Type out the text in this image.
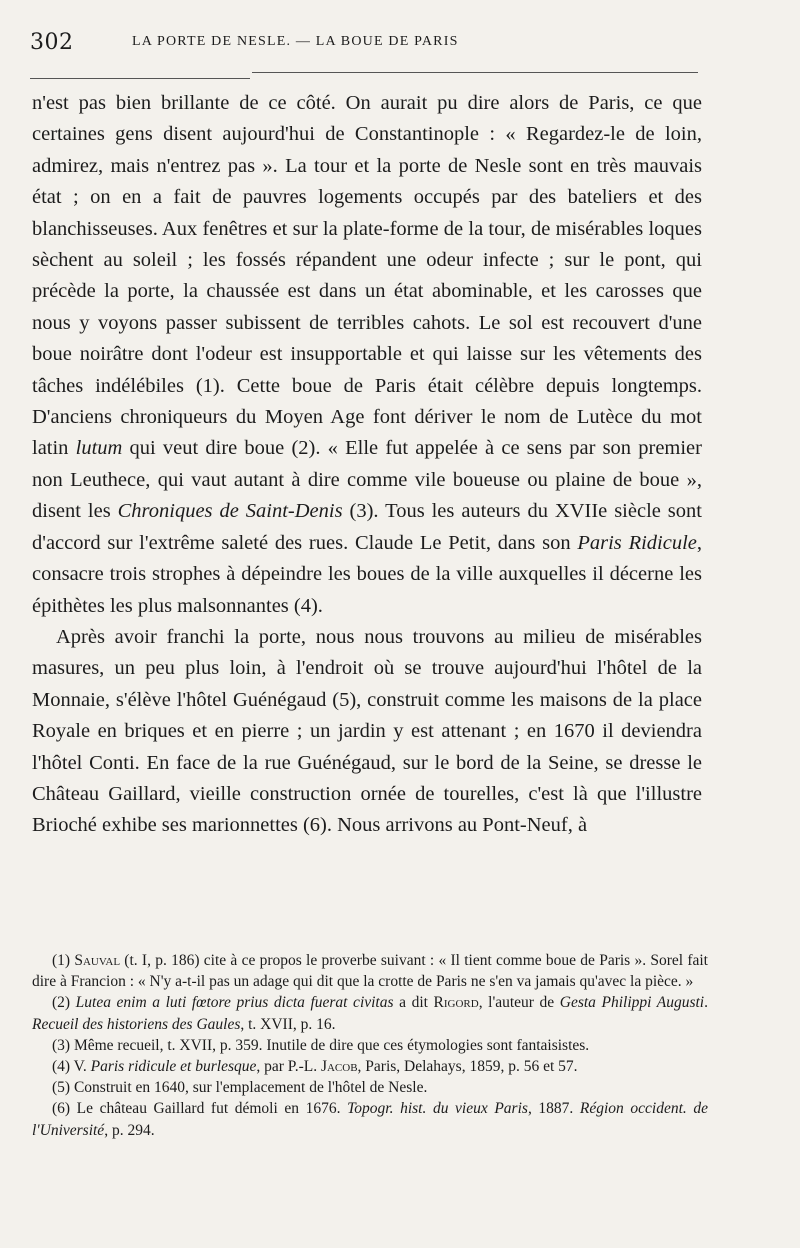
302	LA PORTE DE NESLE. — LA BOUE DE PARIS

n'est pas bien brillante de ce côté. On aurait pu dire alors de Paris, ce que certaines gens disent aujourd'hui de Constantinople : « Regardez-le de loin, admirez, mais n'entrez pas ». La tour et la porte de Nesle sont en très mauvais état ; on en a fait de pauvres logements occupés par des bateliers et des blanchisseuses. Aux fenêtres et sur la plate-forme de la tour, de misérables loques sèchent au soleil ; les fossés répandent une odeur infecte ; sur le pont, qui précède la porte, la chaussée est dans un état abominable, et les carosses que nous y voyons passer subissent de terribles cahots. Le sol est recouvert d'une boue noirâtre dont l'odeur est insupportable et qui laisse sur les vêtements des tâches indélébiles (1). Cette boue de Paris était célèbre depuis longtemps. D'anciens chroniqueurs du Moyen Age font dériver le nom de Lutèce du mot latin lutum qui veut dire boue (2). « Elle fut appelée à ce sens par son premier non Leuthece, qui vaut autant à dire comme vile boueuse ou plaine de boue », disent les Chroniques de Saint-Denis (3). Tous les auteurs du XVIIe siècle sont d'accord sur l'extrême saleté des rues. Claude Le Petit, dans son Paris Ridicule, consacre trois strophes à dépeindre les boues de la ville auxquelles il décerne les épithètes les plus malsonnantes (4).

Après avoir franchi la porte, nous nous trouvons au milieu de misérables masures, un peu plus loin, à l'endroit où se trouve aujourd'hui l'hôtel de la Monnaie, s'élève l'hôtel Guénégaud (5), construit comme les maisons de la place Royale en briques et en pierre ; un jardin y est attenant ; en 1670 il deviendra l'hôtel Conti. En face de la rue Guénégaud, sur le bord de la Seine, se dresse le Château Gaillard, vieille construction ornée de tourelles, c'est là que l'illustre Brioché exhibe ses marionnettes (6). Nous arrivons au Pont-Neuf, à

(1) Sauval (t. I, p. 186) cite à ce propos le proverbe suivant : « Il tient comme boue de Paris ». Sorel fait dire à Francion : « N'y a-t-il pas un adage qui dit que la crotte de Paris ne s'en va jamais qu'avec la pièce. »

(2) Lutea enim a luti fœtore prius dicta fuerat civitas a dit Rigord, l'auteur de Gesta Philippi Augusti. Recueil des historiens des Gaules, t. XVII, p. 16.

(3) Même recueil, t. XVII, p. 359. Inutile de dire que ces étymologies sont fantaisistes.

(4) V. Paris ridicule et burlesque, par P.-L. Jacob, Paris, Delahays, 1859, p. 56 et 57.

(5) Construit en 1640, sur l'emplacement de l'hôtel de Nesle.

(6) Le château Gaillard fut démoli en 1676. Topogr. hist. du vieux Paris, 1887. Région occident. de l'Université, p. 294.
